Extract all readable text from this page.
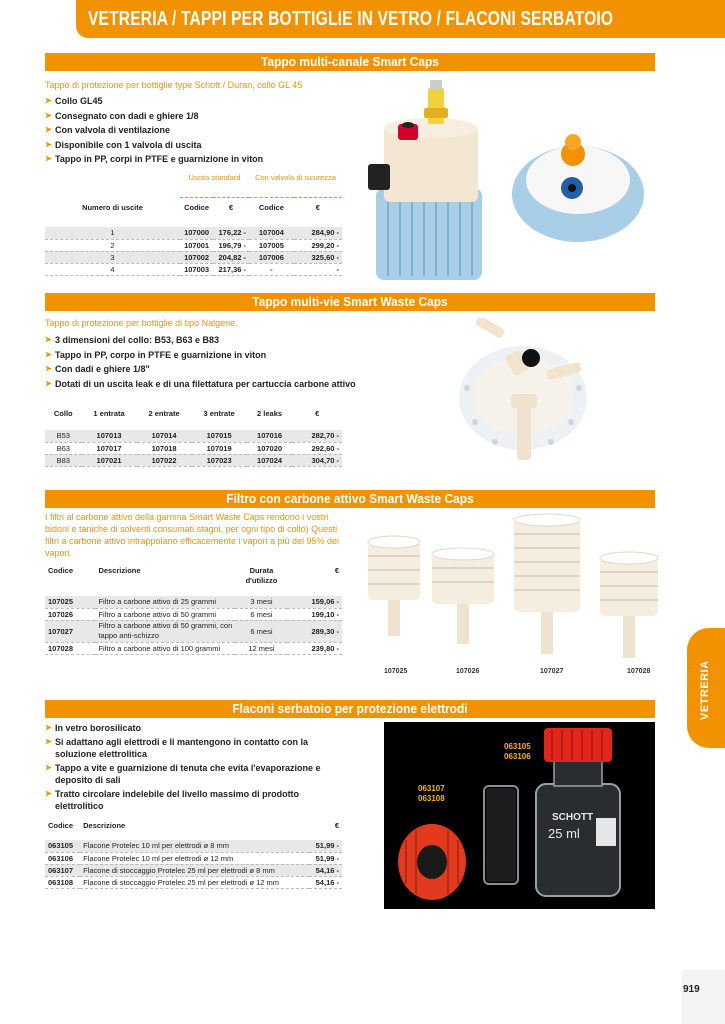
VETRERIA / TAPPI PER BOTTIGLIE IN VETRO / FLACONI SERBATOIO
Tappo multi-canale Smart Caps
Tappo di protezione per bottiglie type Schott / Duran, collo GL 45
➤ Collo GL45
➤ Consegnato con dadi e ghiere 1/8
➤ Con valvola di ventilazione
➤ Disponibile con 1 valvola di uscita
➤ Tappo in PP, corpi in PTFE e guarnizione in viton
	Uscita standard		Con valvola di sicurezza	
Numero di uscite	Codice	€	Codice	€

1	107000	176,22 -	107004	284,90 -
2	107001	196,79 -	107005	299,20 -
3	107002	204,82 -	107006	325,60 -
4	107003	217,36 -	-	-
Tappo multi-vie Smart Waste Caps
Tappo di protezione per bottiglie di tipo Nalgene.
➤ 3 dimensioni del collo: B53, B63 e B83
➤ Tappo in PP, corpo in PTFE e guarnizione in viton
➤ Con dadi e ghiere 1/8"
➤ Dotati di un uscita leak e di una filettatura per cartuccia carbone attivo
Collo	1 entrata	2 entrate	3 entrate	2 leaks	€

B53	107013	107014	107015	107016	282,70 -
B63	107017	107018	107019	107020	292,60 -
B83	107021	107022	107023	107024	304,70 -
Filtro con carbone attivo Smart Waste Caps
I filtri al carbone attivo della gamma Smart Waste Caps rendono i vostri bidoni e taniche di solventi consumati stagni, per ogni tipo di collo) Questi filtri a carbone attivo intrappolano efficacemente i vapori a più del 95% dei vapori.
Codice	Descrizione	Durata d'utilizzo	€

107025	Filtro a carbone attivo di 25 grammi	3 mesi	159,06 -
107026	Filtro a carbone attivo di 50 grammi	6 mesi	199,10 -
107027	Filtro a carbone attivo di 50 grammi, con tappo anti-schizzo	6 mesi	289,30 -
107028	Filtro a carbone attivo di 100 grammi	12 mesi	239,80 -
107025	107026	107027	107028
Flaconi serbatoio per protezione elettrodi
➤ In vetro borosilicato
➤ Si adattano agli elettrodi e li mantengono in contatto con la soluzione elettrolitica
➤ Tappo a vite e guarnizione di tenuta che evita l'evaporazione e deposito di sali
➤ Tratto circolare indelebile del livello massimo di prodotto elettrolitico
Codice	Descrizione	€

063105	Flacone Protelec 10 ml per elettrodi ø 8 mm	51,99 -
063106	Flacone Protelec 10 ml per elettrodi ø 12 mm	51,99 -
063107	Flacone di stoccaggio Protelec 25 ml per elettrodi ø 8 mm	54,16 -
063108	Flacone di stoccaggio Protelec 25 ml per elettrodi ø 12 mm	54,16 -
SCHOTT
25 ml
063105
063106
063107
063108
VETRERIA
919
